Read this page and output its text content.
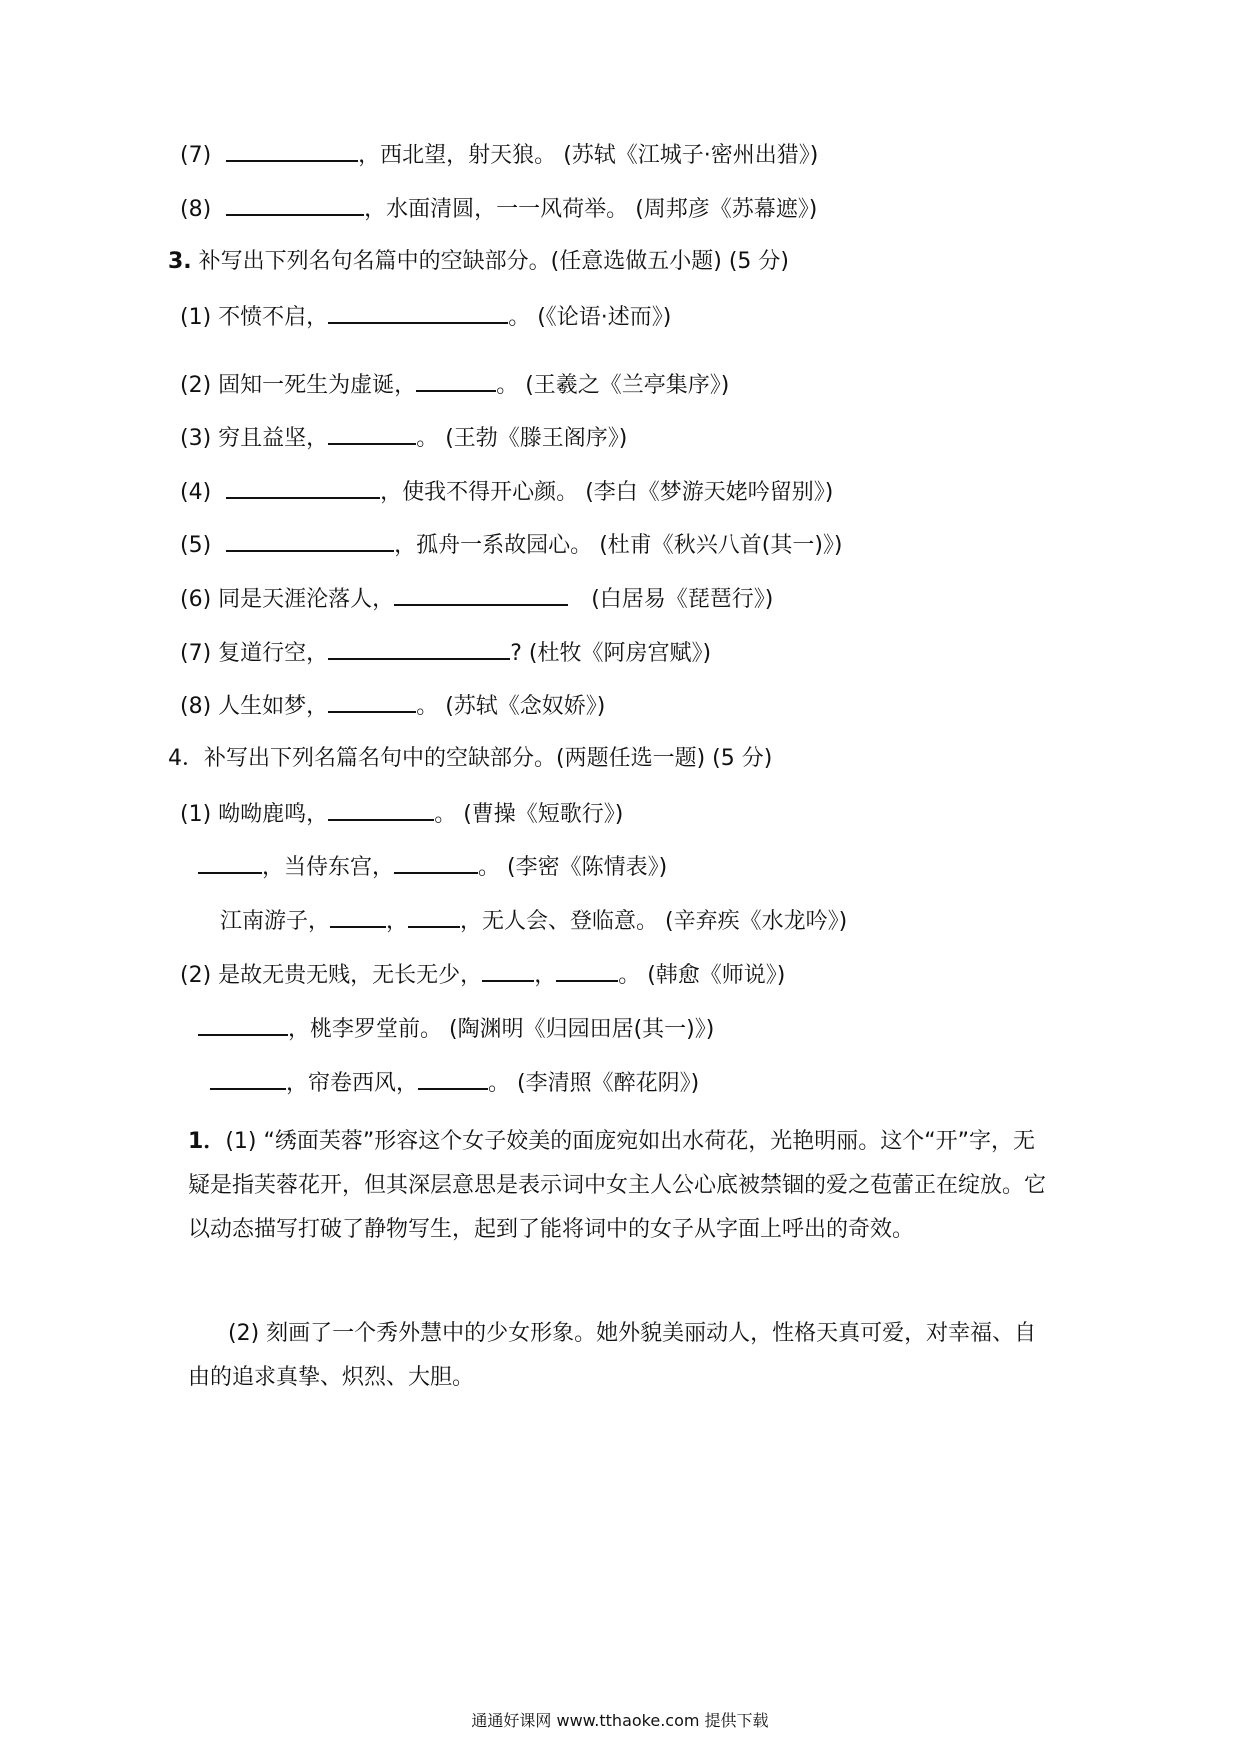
(7)	，西北望，射天狼。 (苏轼《江城子·密州出猎》)
(8)	，水面清圆，一一风荷举。 (周邦彦《苏幕遮》)
3. 补写出下列名句名篇中的空缺部分。(任意选做五小题) (5 分)
(1) 不愤不启，	。 (《论语·述而》)
(2) 固知一死生为虚诞，	。 (王羲之《兰亭集序》)
(3) 穷且益坚，	。 (王勃《滕王阁序》)
(4)	，使我不得开心颜。 (李白《梦游天姥吟留别》)
(5)	，孤舟一系故园心。 (杜甫《秋兴八首(其一)》)
(6) 同是天涯沦落人，	(白居易《琵琶行》)
(7) 复道行空，	? (杜牧《阿房宫赋》)
(8) 人生如梦，	。 (苏轼《念奴娇》)
4．补写出下列名篇名句中的空缺部分。(两题任选一题) (5 分)
(1) 呦呦鹿鸣，	。 (曹操《短歌行》)
，当侍东宫，	。 (李密《陈情表》)
江南游子，	， ，无人会、登临意。 (辛弃疾《水龙吟》)
(2) 是故无贵无贱，无长无少， ，	。 (韩愈《师说》)
，桃李罗堂前。 (陶渊明《归园田居(其一)》)
，帘卷西风，	。 (李清照《醉花阴》)
1．(1) “绣面芙蓉”形容这个女子姣美的面庞宛如出水荷花，光艳明丽。这个“开”字，无疑是指芙蓉花开，但其深层意思是表示词中女主人公心底被禁锢的爱之苞蕾正在绽放。它以动态描写打破了静物写生，起到了能将词中的女子从字面上呼出的奇效。
(2) 刻画了一个秀外慧中的少女形象。她外貌美丽动人，性格天真可爱，对幸福、自由的追求真挚、炽烈、大胆。
通通好课网 www.tthaoke.com 提供下载
